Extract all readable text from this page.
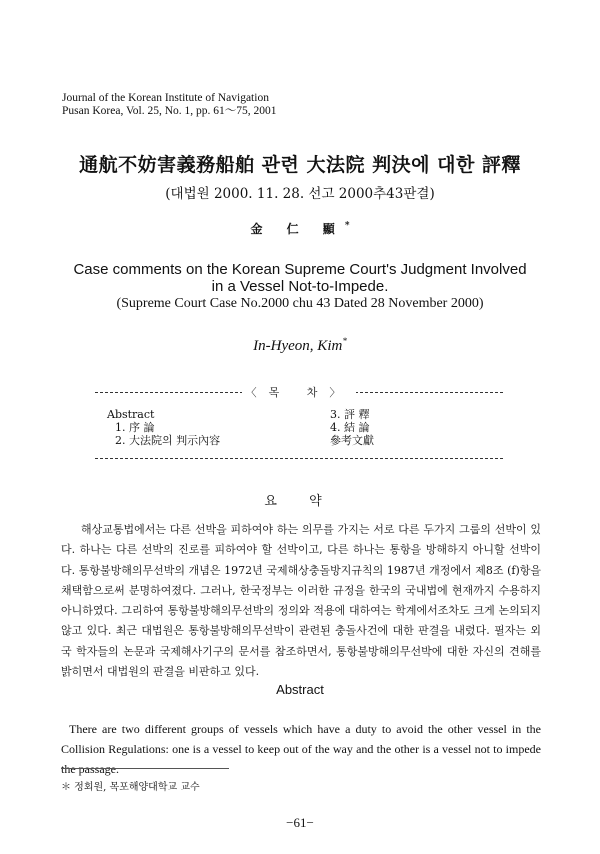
Journal of the Korean Institute of Navigation
Pusan Korea, Vol. 25, No. 1, pp. 61～75, 2001
通航不妨害義務船舶 관련 大法院 判決에 대한 評釋
(대법원 2000. 11. 28. 선고 2000추43판결)
金 仁 顯*
Case comments on the Korean Supreme Court's Judgment Involved
in a Vessel Not-to-Impede.
(Supreme Court Case No.2000 chu 43 Dated 28 November 2000)
In-Hyeon, Kim*
〈목 차〉
Abstract
1. 序 論
2. 大法院의 判示內容
3. 評 釋
4. 結 論
參考文獻
요 약
해상교통법에서는 다른 선박을 피하여야 하는 의무를 가지는 서로 다른 두가지 그룹의 선박이 있다. 하나는 다른 선박의 진로를 피하여야 할 선박이고, 다른 하나는 통항을 방해하지 아니할 선박이다. 통항불방해의무선박의 개념은 1972년 국제해상충돌방지규칙의 1987년 개정에서 제8조 (f)항을 채택함으로써 분명하여졌다. 그러나, 한국정부는 이러한 규정을 한국의 국내법에 현재까지 수용하지 아니하였다. 그리하여 통항불방해의무선박의 정의와 적용에 대하여는 학계에서조차도 크게 논의되지 않고 있다. 최근 대법원은 통항불방해의무선박이 관련된 충돌사건에 대한 판결을 내렸다. 필자는 외국 학자들의 논문과 국제해사기구의 문서를 참조하면서, 통항불방해의무선박에 대한 자신의 견해를 밝히면서 대법원의 판결을 비판하고 있다.
Abstract
There are two different groups of vessels which have a duty to avoid the other vessel in the Collision Regulations: one is a vessel to keep out of the way and the other is a vessel not to impede the passage.
＊ 정회원, 목포해양대학교 교수
−61−
